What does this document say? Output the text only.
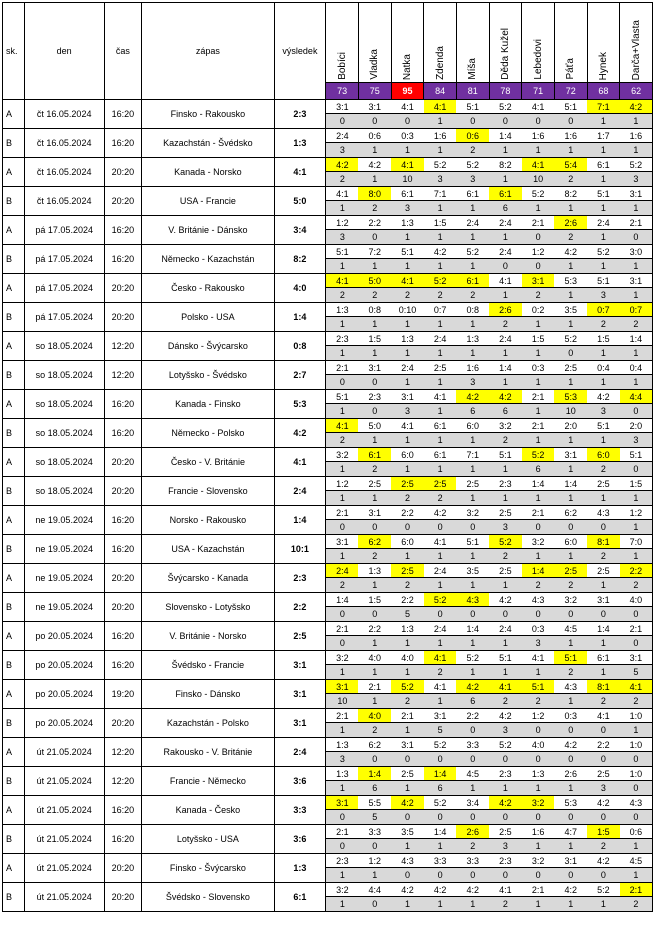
sk.	den	čas	zápas	výsledek	Bobíci	Vladka	Natka	Zdenda	Míša	Děda Kužel	Lebedovi	Páťa	Hynek	Darča+Vlasta
					73	75	95	84	81	78	71	72	68	62
A	čt 16.05.2024	16:20	Finsko - Rakousko	2:3	3:1	3:1	4:1	4:1	5:1	5:2	4:1	5:1	7:1	4:2
					0	0	0	1	0	0	0	0	1	1
B	čt 16.05.2024	16:20	Kazachstán - Švédsko	1:3	2:4	0:6	0:3	1:6	0:6	1:4	1:6	1:6	1:7	1:6
					3	1	1	1	2	1	1	1	1	1
A	čt 16.05.2024	20:20	Kanada - Norsko	4:1	4:2	4:2	4:1	5:2	5:2	8:2	4:1	5:4	6:1	5:2
					2	1	10	3	3	1	10	2	1	3
B	čt 16.05.2024	20:20	USA - Francie	5:0	4:1	8:0	6:1	7:1	6:1	6:1	5:2	8:2	5:1	3:1
					1	2	3	1	1	6	1	1	1	1
A	pá 17.05.2024	16:20	V. Británie - Dánsko	3:4	1:2	2:2	1:3	1:5	2:4	2:4	2:1	2:6	2:4	2:1
					3	0	1	1	1	1	0	2	1	0
B	pá 17.05.2024	16:20	Německo - Kazachstán	8:2	5:1	7:2	5:1	4:2	5:2	2:4	1:2	4:2	5:2	3:0
					1	1	1	1	1	0	0	1	1	1
A	pá 17.05.2024	20:20	Česko - Rakousko	4:0	4:1	5:0	4:1	5:2	6:1	4:1	3:1	5:3	5:1	3:1
					2	2	2	2	2	1	2	1	3	1
B	pá 17.05.2024	20:20	Polsko - USA	1:4	1:3	0:8	0:10	0:7	0:8	2:6	0:2	3:5	0:7	0:7
					1	1	1	1	1	2	1	1	2	2
A	so 18.05.2024	12:20	Dánsko - Švýcarsko	0:8	2:3	1:5	1:3	2:4	1:3	2:4	1:5	5:2	1:5	1:4
					1	1	1	1	1	1	1	0	1	1
B	so 18.05.2024	12:20	Lotyšsko - Švédsko	2:7	2:1	3:1	2:4	2:5	1:6	1:4	0:3	2:5	0:4	0:4
					0	0	1	1	3	1	1	1	1	1
A	so 18.05.2024	16:20	Kanada - Finsko	5:3	5:1	2:3	3:1	4:1	4:2	4:2	2:1	5:3	4:2	4:4
					1	0	3	1	6	6	1	10	3	0
B	so 18.05.2024	16:20	Německo - Polsko	4:2	4:1	5:0	4:1	6:1	6:0	3:2	2:1	2:0	5:1	2:0
					2	1	1	1	1	2	1	1	1	3
A	so 18.05.2024	20:20	Česko - V. Británie	4:1	3:2	6:1	6:0	6:1	7:1	5:1	5:2	3:1	6:0	5:1
					1	2	1	1	1	1	6	1	2	0
B	so 18.05.2024	20:20	Francie - Slovensko	2:4	1:2	2:5	2:5	2:5	2:5	2:3	1:4	1:4	2:5	1:5
					1	1	2	2	1	1	1	1	1	1
A	ne 19.05.2024	16:20	Norsko - Rakousko	1:4	2:1	3:1	2:2	4:2	3:2	2:5	2:1	6:2	4:3	1:2
					0	0	0	0	0	3	0	0	0	1
B	ne 19.05.2024	16:20	USA - Kazachstán	10:1	3:1	6:2	6:0	4:1	5:1	5:2	3:2	6:0	8:1	7:0
					1	2	1	1	1	2	1	1	2	1
A	ne 19.05.2024	20:20	Švýcarsko - Kanada	2:3	2:4	1:3	2:5	2:4	3:5	2:5	1:4	2:5	2:5	2:2
					2	1	2	1	1	1	2	2	1	2
B	ne 19.05.2024	20:20	Slovensko - Lotyšsko	2:2	1:4	1:5	2:2	5:2	4:3	4:2	4:3	3:2	3:1	4:0
					0	0	5	0	0	0	0	0	0	0
A	po 20.05.2024	16:20	V. Británie - Norsko	2:5	2:1	2:2	1:3	2:4	1:4	2:4	0:3	4:5	1:4	2:1
					0	1	1	1	1	1	3	1	1	0
B	po 20.05.2024	16:20	Švédsko - Francie	3:1	3:2	4:0	4:0	4:1	5:2	5:1	4:1	5:1	6:1	3:1
					1	1	1	2	1	1	1	2	1	5
A	po 20.05.2024	19:20	Finsko - Dánsko	3:1	3:1	2:1	5:2	4:1	4:2	4:1	5:1	4:3	8:1	4:1
					10	1	2	1	6	2	2	1	2	2
B	po 20.05.2024	20:20	Kazachstán - Polsko	3:1	2:1	4:0	2:1	3:1	2:2	4:2	1:2	0:3	4:1	1:0
					1	2	1	5	0	3	0	0	0	1
A	út 21.05.2024	12:20	Rakousko - V. Británie	2:4	1:3	6:2	3:1	5:2	3:3	5:2	4:0	4:2	2:2	1:0
					3	0	0	0	0	0	0	0	0	0
B	út 21.05.2024	12:20	Francie - Německo	3:6	1:3	1:4	2:5	1:4	4:5	2:3	1:3	2:6	2:5	1:0
					1	6	1	6	1	1	1	1	3	0
A	út 21.05.2024	16:20	Kanada - Česko	3:3	3:1	5:5	4:2	5:2	3:4	4:2	3:2	5:3	4:2	4:3
					0	5	0	0	0	0	0	0	0	0
B	út 21.05.2024	16:20	Lotyšsko - USA	3:6	2:1	3:3	3:5	1:4	2:6	2:5	1:6	4:7	1:5	0:6
					0	0	1	1	2	3	1	1	2	1
A	út 21.05.2024	20:20	Finsko - Švýcarsko	1:3	2:3	1:2	4:3	3:3	3:3	2:3	3:2	3:1	4:2	4:5
					1	1	0	0	0	0	0	0	0	1
B	út 21.05.2024	20:20	Švédsko - Slovensko	6:1	3:2	4:4	4:2	4:2	4:2	4:1	2:1	4:2	5:2	2:1
					1	0	1	1	1	2	1	1	1	2
